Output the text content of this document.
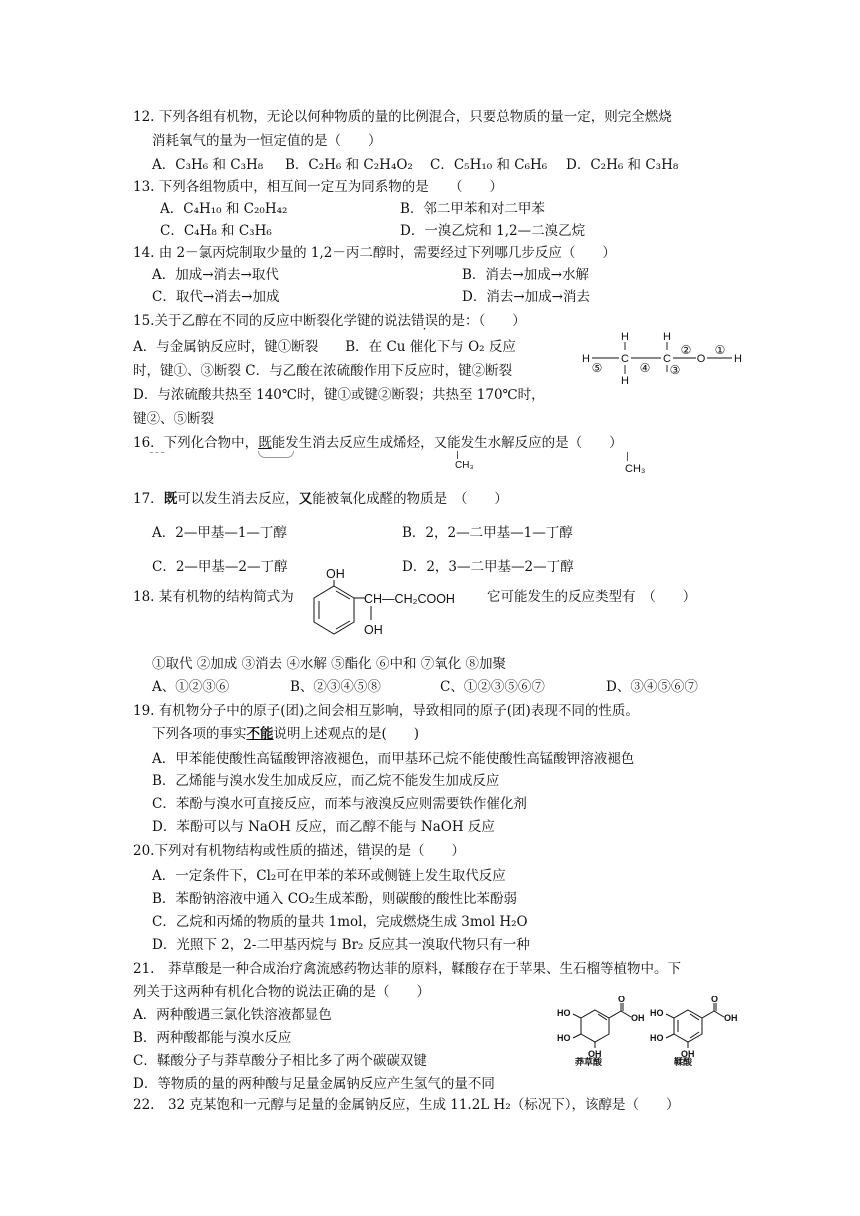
12. 下列各组有机物，无论以何种物质的量的比例混合，只要总物质的量一定，则完全燃烧
消耗氧气的量为一恒定值的是（　　）
A．C₃H₆ 和 C₃H₈ B．C₂H₆ 和 C₂H₄O₂ C．C₅H₁₀ 和 C₆H₆ D．C₂H₆ 和 C₃H₈
13. 下列各组物质中，相互间一定互为同系物的是　　（　　）
A．C₄H₁₀ 和 C₂₀H₄₂	B．邻二甲苯和对二甲苯
C．C₄H₈ 和 C₃H₆	D．一溴乙烷和 1,2—二溴乙烷
14. 由 2－氯丙烷制取少量的 1,2－丙二醇时，需要经过下列哪几步反应（　　）
A．加成→消去→取代	B．消去→加成→水解
C．取代→消去→加成	D．消去→加成→消去
15.关于乙醇在不同的反应中断裂化学键的说法错误的是：（　　）
A．与金属钠反应时，键①断裂　　B．在 Cu 催化下与 O₂ 反应
时，键①、③断裂 C．与乙酸在浓硫酸作用下反应时，键②断裂
D．与浓硫酸共热至 140℃时，键①或键②断裂；共热至 170℃时，
键②、⑤断裂
H	C
H
H
C
H
O	H
⑤	④
②
③
①
16．下列化合物中，既能发生消去反应生成烯烃，又能发生水解反应的是（　　）
CH₃	CH₃
17．既可以发生消去反应，又能被氧化成醛的物质是　（　　）
A．2—甲基—1—丁醇	B．2，2—二甲基—1—丁醇
C．2—甲基—2—丁醇	D．2，3—二甲基—2—丁醇
18. 某有机物的结构简式为	它可能发生的反应类型有　（　　）
OH
CH—CH₂COOH
OH
①取代 ②加成 ③消去 ④水解 ⑤酯化 ⑥中和 ⑦氧化 ⑧加聚
A、①②③⑥	B、②③④⑤⑧	C、①②③⑤⑥⑦	D、③④⑤⑥⑦
19. 有机物分子中的原子(团)之间会相互影响，导致相同的原子(团)表现不同的性质。
下列各项的事实不能说明上述观点的是(　　)
A．甲苯能使酸性高锰酸钾溶液褪色，而甲基环己烷不能使酸性高锰酸钾溶液褪色
B．乙烯能与溴水发生加成反应，而乙烷不能发生加成反应
C．苯酚与溴水可直接反应，而苯与液溴反应则需要铁作催化剂
D．苯酚可以与 NaOH 反应，而乙醇不能与 NaOH 反应
20.下列对有机物结构或性质的描述，错误的是（　　）
A．一定条件下，Cl₂可在甲苯的苯环或侧链上发生取代反应
B．苯酚钠溶液中通入 CO₂生成苯酚，则碳酸的酸性比苯酚弱
C．乙烷和丙烯的物质的量共 1mol，完成燃烧生成 3mol H₂O
D．光照下 2，2-二甲基丙烷与 Br₂ 反应其一溴取代物只有一种
21.　莽草酸是一种合成治疗禽流感药物达菲的原料，鞣酸存在于苹果、生石榴等植物中。下
列关于这两种有机化合物的说法正确的是（　　）
A．两种酸遇三氯化铁溶液都显色
B．两种酸都能与溴水反应
C．鞣酸分子与莽草酸分子相比多了两个碳碳双键
D．等物质的量的两种酸与足量金属钠反应产生氢气的量不同
O
OH
HO
HO
OH
莽草酸
O
OH
HO
HO
OH
鞣酸
22.　32 克某饱和一元醇与足量的金属钠反应，生成 11.2L H₂（标况下），该醇是（　　）
